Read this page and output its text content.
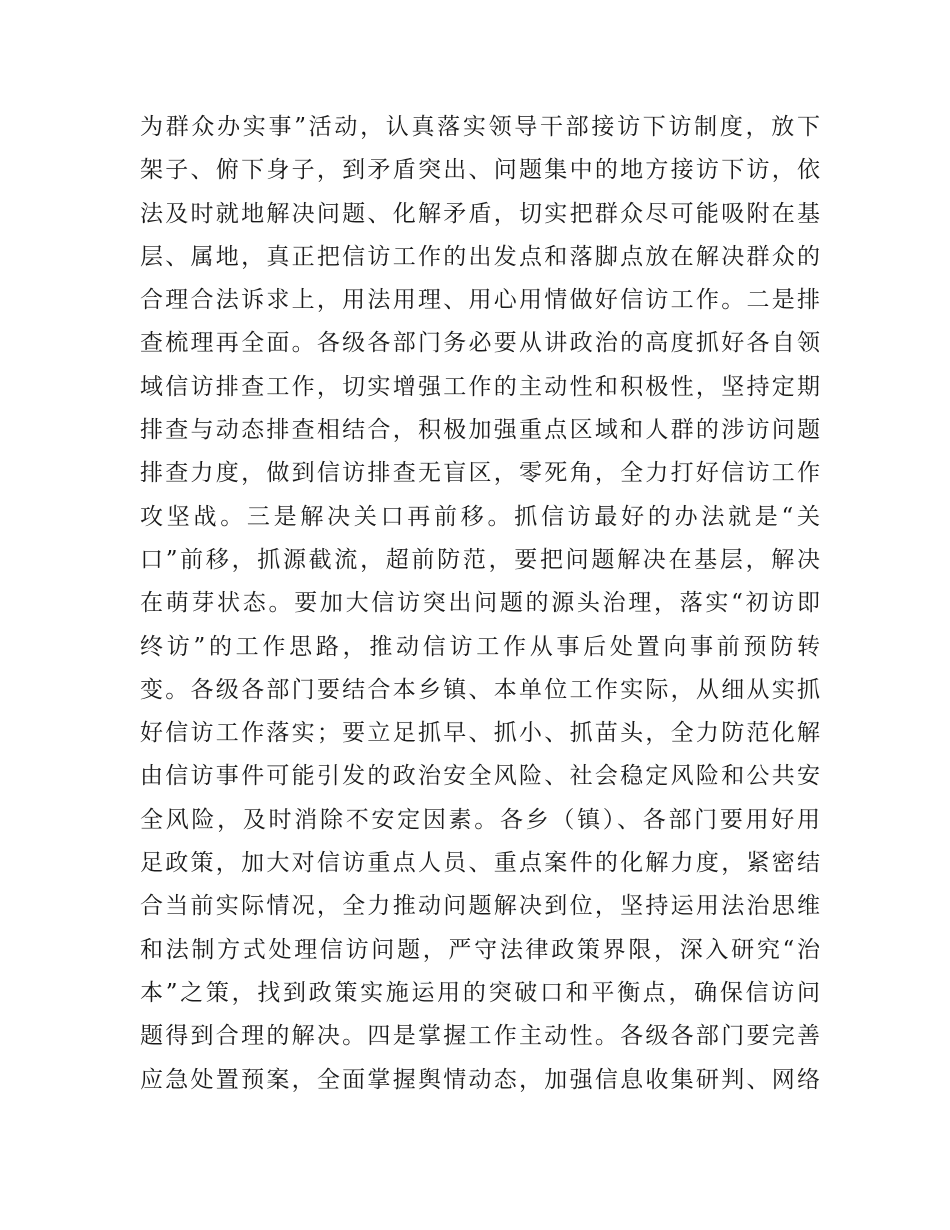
为群众办实事”活动，认真落实领导干部接访下访制度，放下
架子、俯下身子，到矛盾突出、问题集中的地方接访下访，依
法及时就地解决问题、化解矛盾，切实把群众尽可能吸附在基
层、属地，真正把信访工作的出发点和落脚点放在解决群众的
合理合法诉求上，用法用理、用心用情做好信访工作。二是排
查梳理再全面。各级各部门务必要从讲政治的高度抓好各自领
域信访排查工作，切实增强工作的主动性和积极性，坚持定期
排查与动态排查相结合，积极加强重点区域和人群的涉访问题
排查力度，做到信访排查无盲区，零死角，全力打好信访工作
攻坚战。三是解决关口再前移。抓信访最好的办法就是“关
口”前移，抓源截流，超前防范，要把问题解决在基层，解决
在萌芽状态。要加大信访突出问题的源头治理，落实“初访即
终访”的工作思路，推动信访工作从事后处置向事前预防转
变。各级各部门要结合本乡镇、本单位工作实际，从细从实抓
好信访工作落实；要立足抓早、抓小、抓苗头，全力防范化解
由信访事件可能引发的政治安全风险、社会稳定风险和公共安
全风险，及时消除不安定因素。各乡（镇）、各部门要用好用
足政策，加大对信访重点人员、重点案件的化解力度，紧密结
合当前实际情况，全力推动问题解决到位，坚持运用法治思维
和法制方式处理信访问题，严守法律政策界限，深入研究“治
本”之策，找到政策实施运用的突破口和平衡点，确保信访问
题得到合理的解决。四是掌握工作主动性。各级各部门要完善
应急处置预案，全面掌握舆情动态，加强信息收集研判、网络
